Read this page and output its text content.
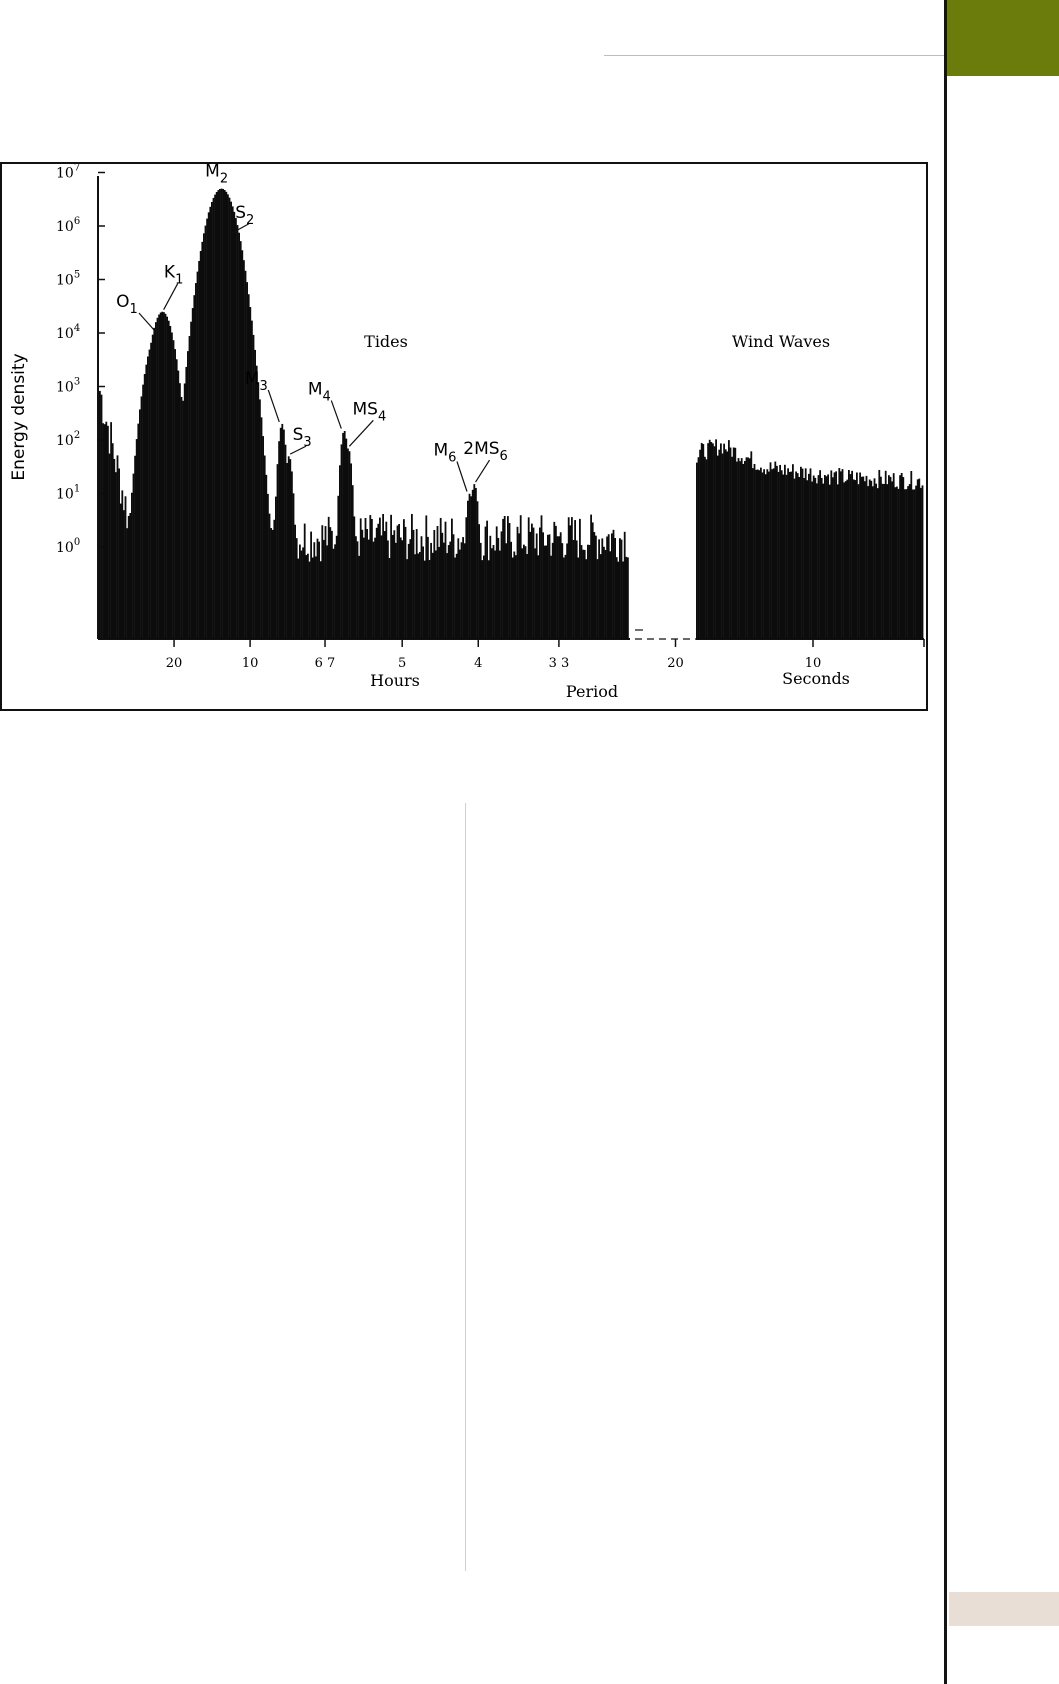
$10^7$
$10^6$
$10^5$
$10^4$
$10^3$
$10^2$
$10^1$
$10^0$
$O_1$
$K_1$
$M_2$
$S_2$
$M_3$
$S_3$
$M_4$
$MS_4$
$M_6$ $2MS_6$
20	10	6 7	5	4	3 3	20	10
Energy density
Tides	Wind Waves
Hours
Period
Seconds
